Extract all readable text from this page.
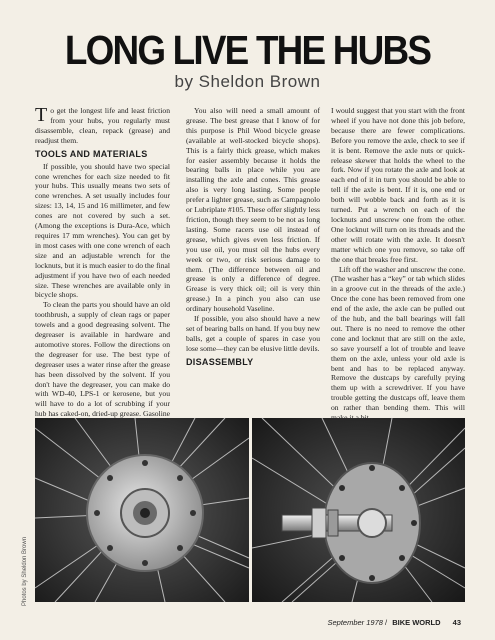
LONG LIVE THE HUBS
by Sheldon Brown

To get the longest life and least friction from your hubs, you regularly must disassemble, clean, repack (grease) and readjust them.

TOOLS AND MATERIALS

If possible, you should have two special cone wrenches for each size needed to fit your hubs. This usually means two sets of cone wrenches. A set usually includes four sizes: 13, 14, 15 and 16 millimeter, and few cones are not covered by such a set. (Among the exceptions is Dura-Ace, which requires 17 mm wrenches). You can get by in most cases with one cone wrench of each size and an adjustable wrench for the locknuts, but it is much easier to do the final adjustment if you have two of each needed size. These wrenches are available only in bicycle shops.

To clean the parts you should have an old toothbrush, a supply of clean rags or paper towels and a good degreasing solvent. The degreaser is available in hardware and automotive stores. Follow the directions on the degreaser for use. The best type of degreaser uses a water rinse after the grease has been dissolved by the solvent. If you don't have the degreaser, you can make do with WD-40, LPS-1 or kerosene, but you will have to do a lot of scrubbing if your hub has caked-on, dried-up grease. Gasoline

You also will need a small amount of grease. The best grease that I know of for this purpose is Phil Wood bicycle grease (available at well-stocked bicycle shops). This is a fairly thick grease, which makes for easier assembly because it holds the bearing balls in place while you are installing the axle and cones. This grease also is very long lasting. Some people prefer a lighter grease, such as Campagnolo or Lubriplate #105. These offer slightly less friction, though they seem to be not as long lasting. Some racers use oil instead of grease, which gives even less friction. If you use oil, you must oil the hubs every week or two, or risk serious damage to them. (The difference between oil and grease is only a difference of degree. Grease is very thick oil; oil is very thin grease.) In a pinch you also can use ordinary household Vaseline.

If possible, you also should have a new set of bearing balls on hand. If you buy new balls, get a couple of spares in case you lose some—they can be elusive little devils.

DISASSEMBLY

I would suggest that you start with the front wheel if you have not done this job before, because there are fewer complications. Before you remove the axle, check to see if it is bent. Remove the axle nuts or quick-release skewer that holds the wheel to the fork. Now if you rotate the axle and look at each end of it in turn you should be able to tell if the axle is bent. If it is, one end or both will wobble back and forth as it is turned. Put a wrench on each of the locknuts and unscrew one from the other. One locknut will turn on its threads and the other will rotate with the axle. It doesn't matter which one you remove, so take off the one that breaks free first.

Lift off the washer and unscrew the cone. (The washer has a “key” or tab which slides in a groove cut in the threads of the axle.) Once the cone has been removed from one end of the axle, the axle can be pulled out of the hub, and the ball bearings will fall out. There is no need to remove the other cone and locknut that are still on the axle, so save yourself a lot of trouble and leave them on the axle, unless your old axle is bent and has to be replaced anyway. Remove the dustcaps by carefully prying them up with a screwdriver. If you have trouble getting the dustcaps off, leave them on rather than bending them. This will

Photos by Sheldon Brown
September 1978 / BIKE WORLD 43
